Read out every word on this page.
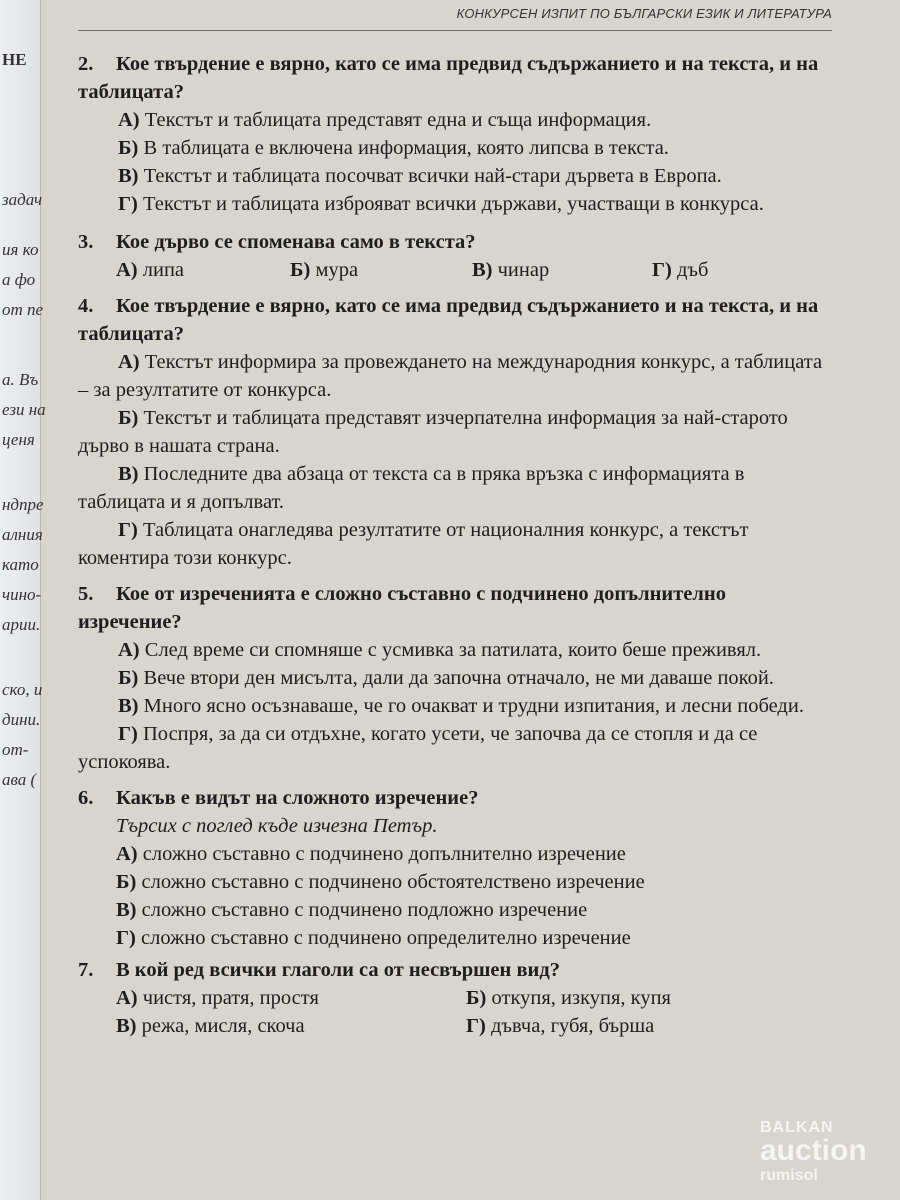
НЕ
задач
ия ко
а фо
от пе
а. Въ
ези на
ценя
ндпре
алния
като
чино-
арии.
ско, и
дини.
от-
ава (
КОНКУРСЕН ИЗПИТ ПО БЪЛГАРСКИ ЕЗИК И ЛИТЕРАТУРА
2. Кое твърдение е вярно, като се има предвид съдържанието и на текста, и на таблицата?
А) Текстът и таблицата представят една и съща информация.
Б) В таблицата е включена информация, която липсва в текста.
В) Текстът и таблицата посочват всички най-стари дървета в Европа.
Г) Текстът и таблицата изброяват всички държави, участващи в конкурса.
3. Кое дърво се споменава само в текста?
А) липа	Б) мура	В) чинар	Г) дъб
4. Кое твърдение е вярно, като се има предвид съдържанието и на текста, и на таблицата?
А) Текстът информира за провеждането на международния конкурс, а таблицата – за резултатите от конкурса.
Б) Текстът и таблицата представят изчерпателна информация за най-старото дърво в нашата страна.
В) Последните два абзаца от текста са в пряка връзка с информацията в таблицата и я допълват.
Г) Таблицата онагледява резултатите от националния конкурс, а текстът коментира този конкурс.
5. Кое от изреченията е сложно съставно с подчинено допълнително изречение?
А) След време си спомняше с усмивка за патилата, които беше преживял.
Б) Вече втори ден мисълта, дали да започна отначало, не ми даваше покой.
В) Много ясно осъзнаваше, че го очакват и трудни изпитания, и лесни победи.
Г) Поспря, за да си отдъхне, когато усети, че започва да се стопля и да се успокоява.
6. Какъв е видът на сложното изречение?
Търсих с поглед къде изчезна Петър.
А) сложно съставно с подчинено допълнително изречение
Б) сложно съставно с подчинено обстоятелствено изречение
В) сложно съставно с подчинено подложно изречение
Г) сложно съставно с подчинено определително изречение
7. В кой ред всички глаголи са от несвършен вид?
А) чистя, пратя, простя	Б) откупя, изкупя, купя
В) режа, мисля, скоча	Г) дъвча, губя, бърша
BALKAN
auction
rumisol
